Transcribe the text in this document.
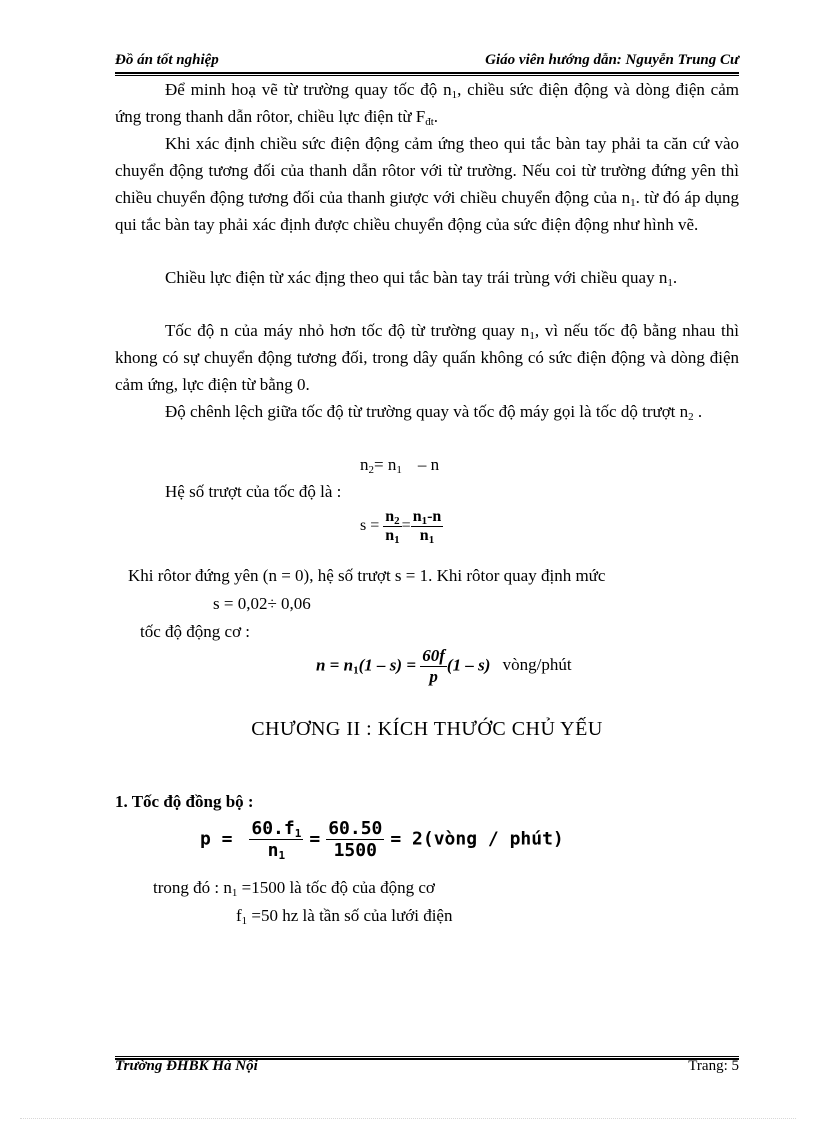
Đồ án tốt nghiệp	Giáo viên hướng dẫn: Nguyễn Trung Cư

Để minh hoạ vẽ từ trường quay tốc độ $n_1$, chiều sức điện động và dòng điện cảm ứng trong thanh dẫn rôtor, chiều lực điện từ $F_{đt}$.

Khi xác định chiều sức điện động cảm ứng theo qui tắc bàn tay phải ta căn cứ vào chuyển động tương đối của thanh dẫn rôtor với từ trường. Nếu coi từ trường đứng yên thì chiều chuyển động tương đối của thanh giược với chiều chuyển động của $n_1$. từ đó áp dụng qui tắc bàn tay phải xác định được chiều chuyển động của sức điện động như hình vẽ.

Chiều lực điện từ xác địng theo qui tắc bàn tay trái trùng với chiều quay $n_1$.

Tốc độ n của máy nhỏ hơn tốc độ từ trường quay $n_1$, vì nếu tốc độ bằng nhau thì khong có sự chuyển động tương đối, trong dây quấn không có sức điện động và dòng điện cảm ứng, lực điện từ bằng 0.

Độ chênh lệch giữa tốc độ từ trường quay và tốc độ máy gọi là tốc dộ trượt $n_2$ .

$n_2= n_1 - n$
Hệ số trượt của tốc độ là :
$s = \frac{n_2}{n_1} = \frac{n_1-n}{n_1}$
Khi rôtor đứng yên (n = 0), hệ số trượt s = 1. Khi rôtor quay định mức
s = 0,02÷ 0,06
tốc độ động cơ :
$n = n_1(1 - s) = \frac{60f}{p} (1 - s)$ vòng/phút
CHƯƠNG II : KÍCH THƯỚC CHỦ YẾU
1. Tốc độ đồng bộ :
$p = \frac{60.f_1}{n_1} = \frac{60.50}{1500}$ = 2(vòng / phút)
trong đó : $n_1 =1500$ là tốc độ của động cơ
$f_1 =50$ hz là tần số của lưới điện
Trường ĐHBK Hà Nội	Trang: 5
